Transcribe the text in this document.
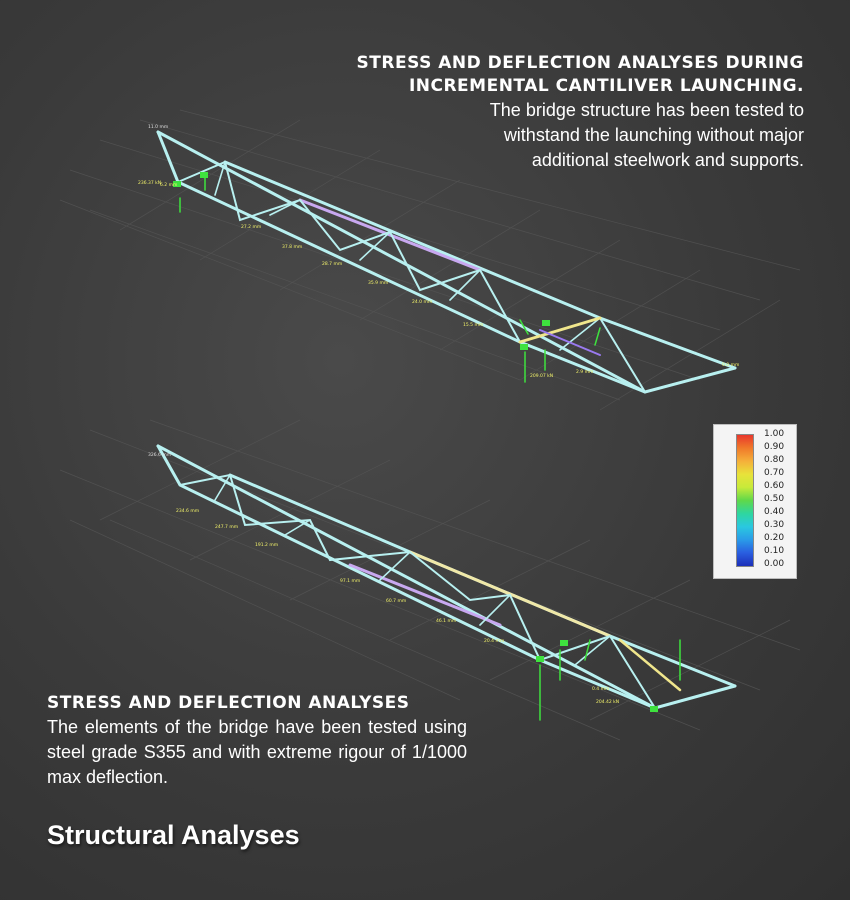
11.0 mm
6.2 mm
27.2 mm
37.8 mm
28.7 mm
35.9 mm
24.0 mm
15.5 mm
2.9 mm
0.0 mm
236.37 kN
209.07 kN
326.6 mm
234.6 mm
247.7 mm
191.2 mm
97.1 mm
60.7 mm
46.1 mm
20.4 mm
0.4 mm
204.42 kN
STRESS AND DEFLECTION ANALYSES DURING
INCREMENTAL CANTILIVER LAUNCHING.
The bridge structure has been tested to
withstand the launching without major
additional steelwork and supports.
1.00
0.90
0.80
0.70
0.60
0.50
0.40
0.30
0.20
0.10
0.00
STRESS AND DEFLECTION ANALYSES
The elements of the bridge have been tested using steel grade S355 and with extreme rigour of 1/1000 max deflection.
Structural Analyses
